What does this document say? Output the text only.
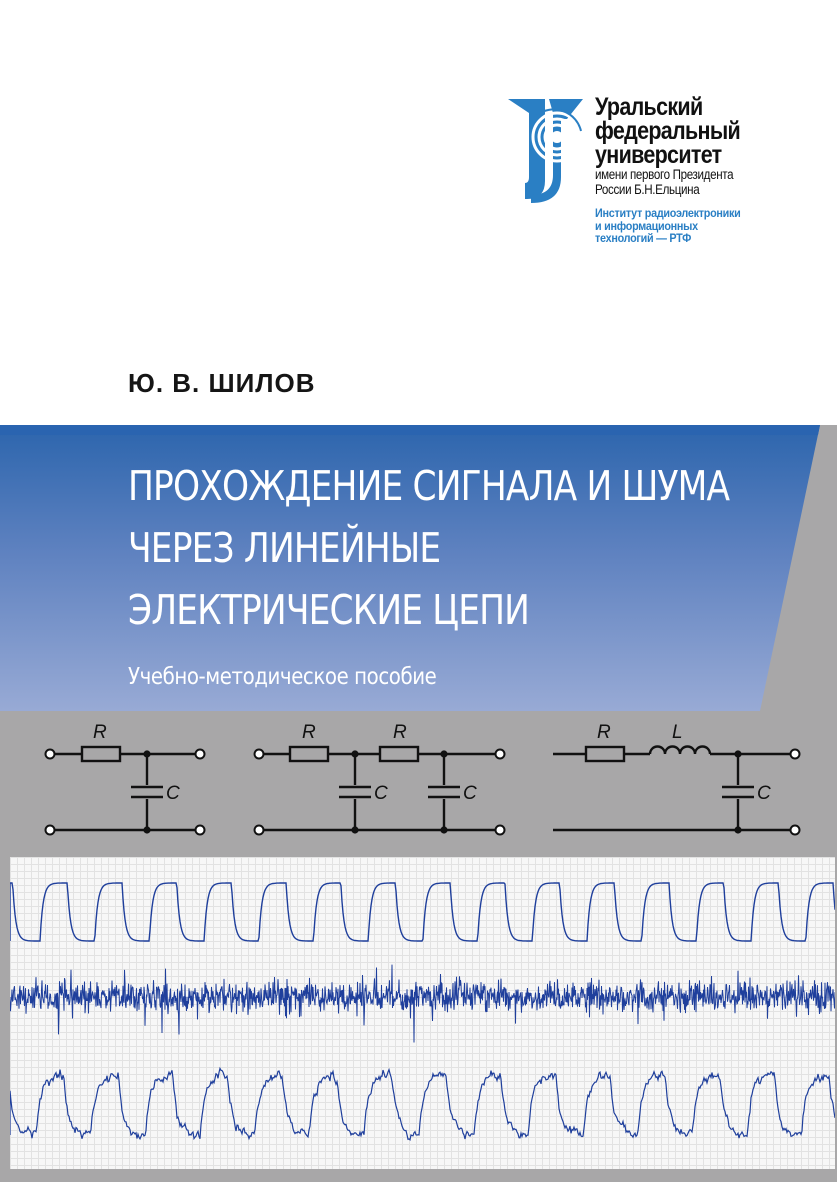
Уральский
федеральный
университет
имени первого Президента
России Б.Н.Ельцина
Институт радиоэлектроники
и информационных
технологий — РТФ
Ю. В. ШИЛОВ
ПРОХОЖДЕНИЕ СИГНАЛА И ШУМА
ЧЕРЕЗ ЛИНЕЙНЫЕ
ЭЛЕКТРИЧЕСКИЕ ЦЕПИ
Учебно-методическое пособие
R
C
R	R
C	C
R	L
C
